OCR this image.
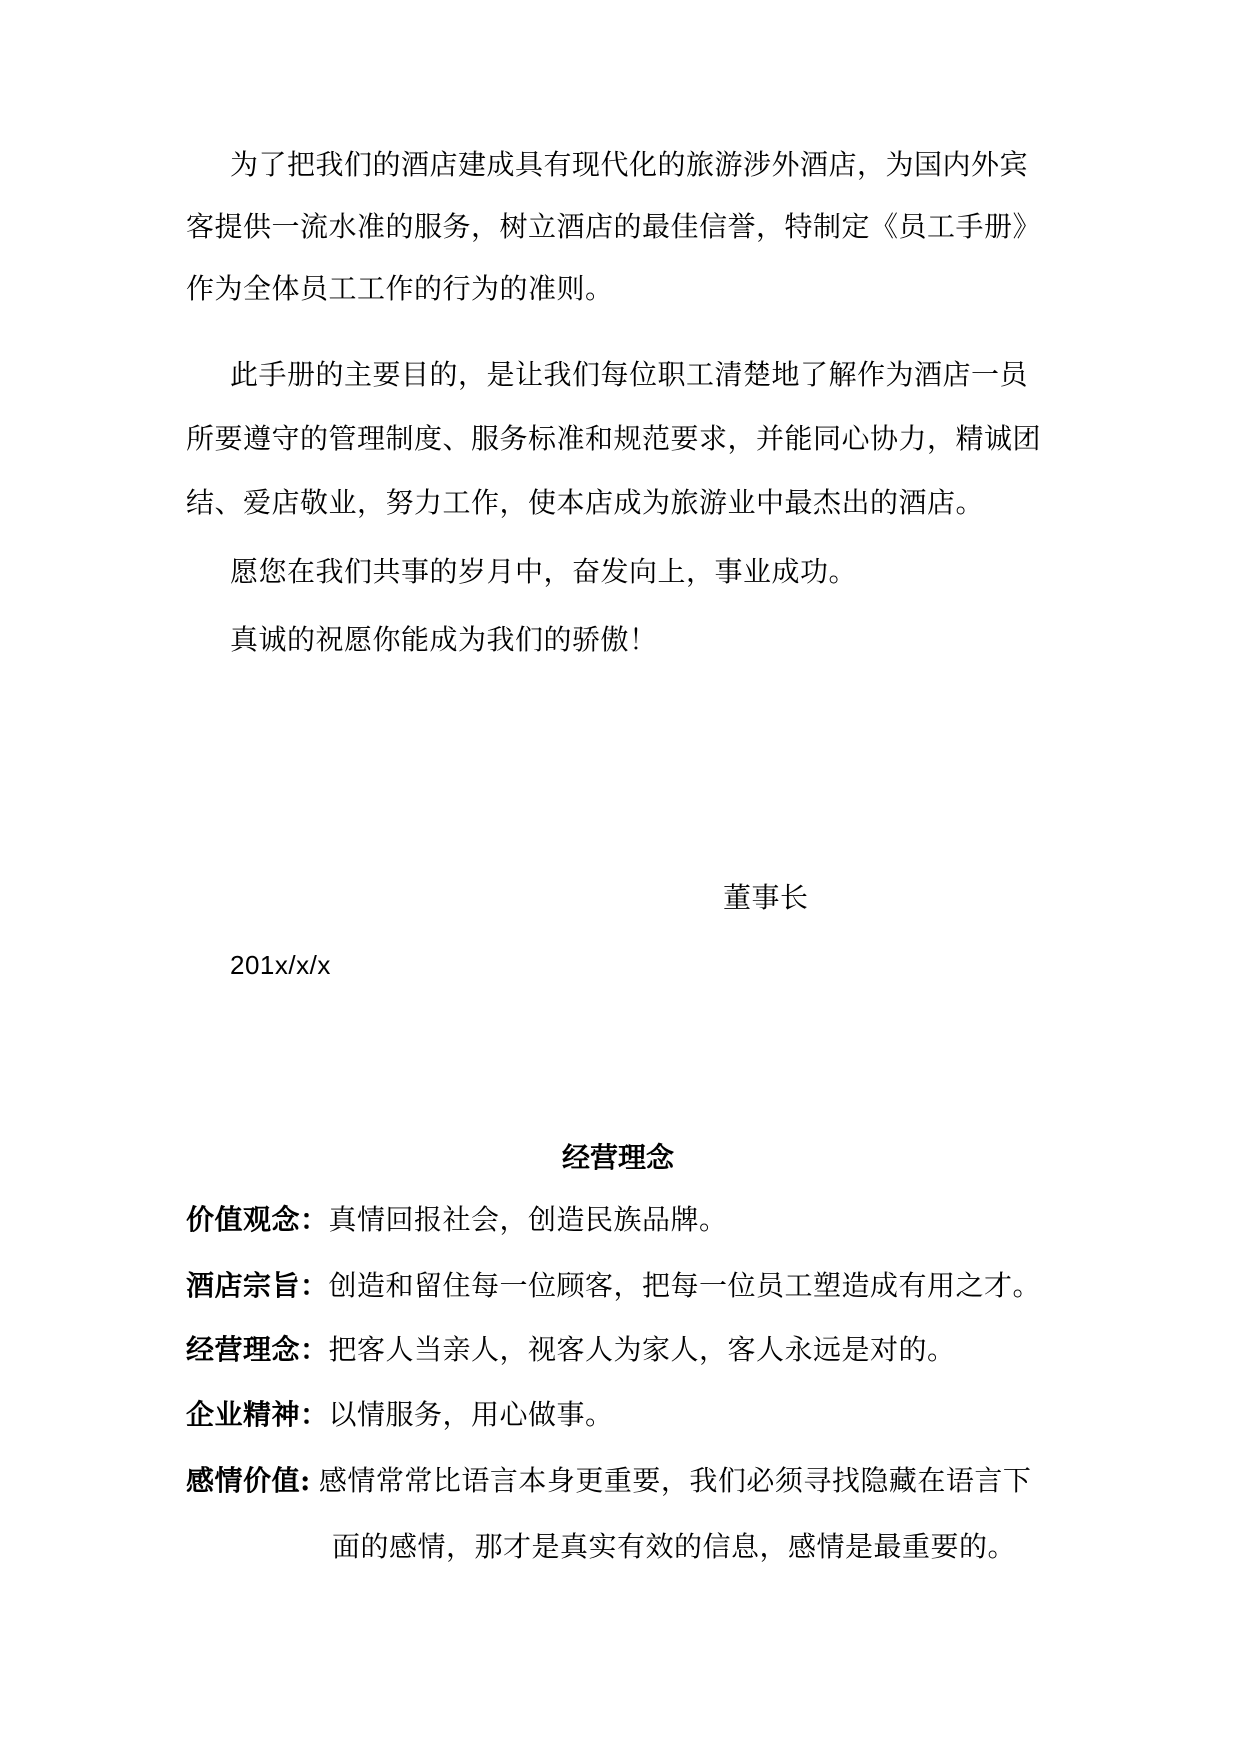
为了把我们的酒店建成具有现代化的旅游涉外酒店，为国内外宾
客提供一流水准的服务，树立酒店的最佳信誉，特制定《员工手册》
作为全体员工工作的行为的准则。
此手册的主要目的，是让我们每位职工清楚地了解作为酒店一员
所要遵守的管理制度、服务标准和规范要求，并能同心协力，精诚团
结、爱店敬业，努力工作，使本店成为旅游业中最杰出的酒店。
愿您在我们共事的岁月中，奋发向上，事业成功。
真诚的祝愿你能成为我们的骄傲！
董事长
201x/x/x
经营理念
价值观念：真情回报社会，创造民族品牌。
酒店宗旨：创造和留住每一位顾客，把每一位员工塑造成有用之才。
经营理念：把客人当亲人，视客人为家人，客人永远是对的。
企业精神：以情服务，用心做事。
感情价值: 感情常常比语言本身更重要，我们必须寻找隐藏在语言下
面的感情，那才是真实有效的信息，感情是最重要的。
